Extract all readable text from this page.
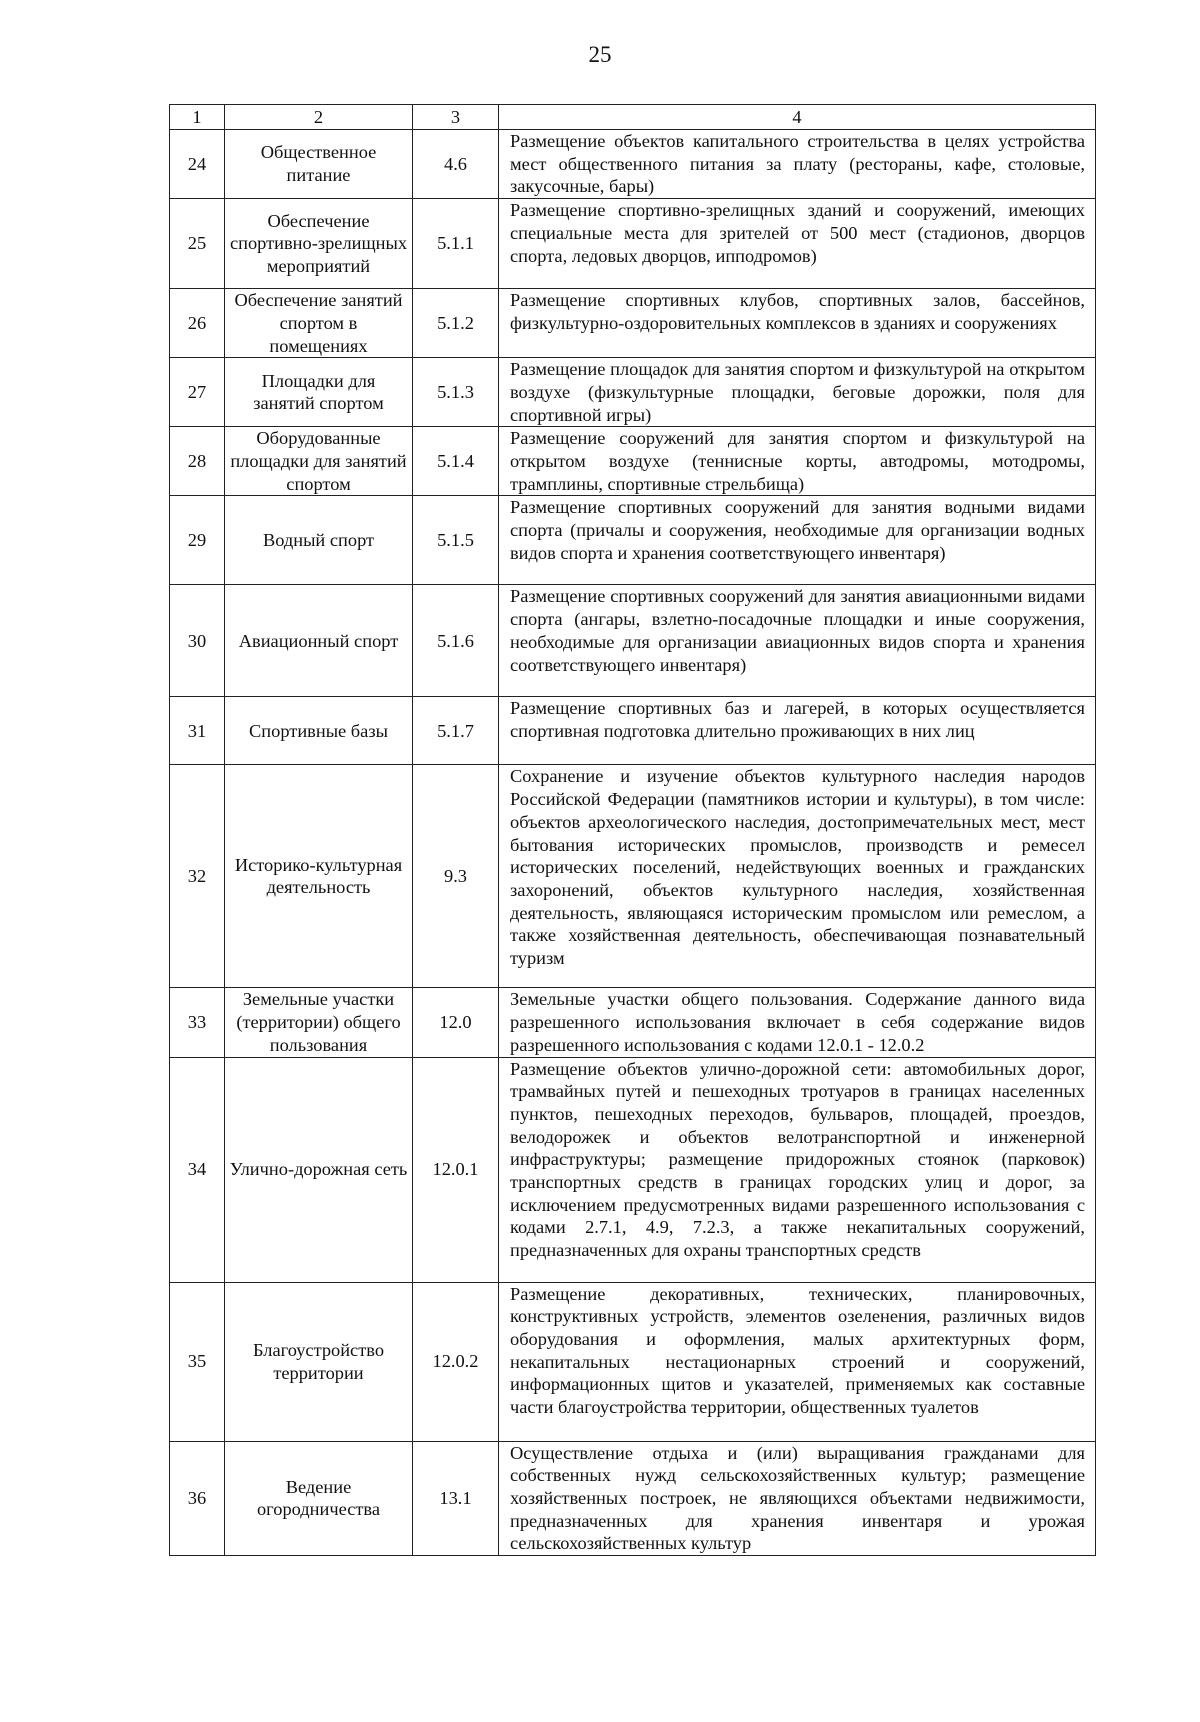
25
1	2	3	4
24	Общественное питание	4.6	Размещение объектов капитального строительства в целях устройства мест общественного питания за плату (рестораны, кафе, столовые, закусочные, бары)
25	Обеспечение спортивно-зрелищных мероприятий	5.1.1	Размещение спортивно-зрелищных зданий и сооружений, имеющих специальные места для зрителей от 500 мест (стадионов, дворцов спорта, ледовых дворцов, ипподромов)
26	Обеспечение занятий спортом в помещениях	5.1.2	Размещение спортивных клубов, спортивных залов, бассейнов, физкультурно-оздоровительных комплексов в зданиях и сооружениях
27	Площадки для занятий спортом	5.1.3	Размещение площадок для занятия спортом и физкультурой на открытом воздухе (физкультурные площадки, беговые дорожки, поля для спортивной игры)
28	Оборудованные площадки для занятий спортом	5.1.4	Размещение сооружений для занятия спортом и физкультурой на открытом воздухе (теннисные корты, автодромы, мотодромы, трамплины, спортивные стрельбища)
29	Водный спорт	5.1.5	Размещение спортивных сооружений для занятия водными видами спорта (причалы и сооружения, необходимые для организации водных видов спорта и хранения соответствующего инвентаря)
30	Авиационный спорт	5.1.6	Размещение спортивных сооружений для занятия авиационными видами спорта (ангары, взлетно-посадочные площадки и иные сооружения, необходимые для организации авиационных видов спорта и хранения соответствующего инвентаря)
31	Спортивные базы	5.1.7	Размещение спортивных баз и лагерей, в которых осуществляется спортивная подготовка длительно проживающих в них лиц
32	Историко-культурная деятельность	9.3	Сохранение и изучение объектов культурного наследия народов Российской Федерации (памятников истории и культуры), в том числе: объектов археологического наследия, достопримечательных мест, мест бытования исторических промыслов, производств и ремесел исторических поселений, недействующих военных и гражданских захоронений, объектов культурного наследия, хозяйственная деятельность, являющаяся историческим промыслом или ремеслом, а также хозяйственная деятельность, обеспечивающая познавательный туризм
33	Земельные участки (территории) общего пользования	12.0	Земельные участки общего пользования. Содержание данного вида разрешенного использования включает в себя содержание видов разрешенного использования с кодами 12.0.1 - 12.0.2
34	Улично-дорожная сеть	12.0.1	Размещение объектов улично-дорожной сети: автомобильных дорог, трамвайных путей и пешеходных тротуаров в границах населенных пунктов, пешеходных переходов, бульваров, площадей, проездов, велодорожек и объектов велотранспортной и инженерной инфраструктуры; размещение придорожных стоянок (парковок) транспортных средств в границах городских улиц и дорог, за исключением предусмотренных видами разрешенного использования с кодами 2.7.1, 4.9, 7.2.3, а также некапитальных сооружений, предназначенных для охраны транспортных средств
35	Благоустройство территории	12.0.2	Размещение декоративных, технических, планировочных, конструктивных устройств, элементов озеленения, различных видов оборудования и оформления, малых архитектурных форм, некапитальных нестационарных строений и сооружений, информационных щитов и указателей, применяемых как составные части благоустройства территории, общественных туалетов
36	Ведение огородничества	13.1	Осуществление отдыха и (или) выращивания гражданами для собственных нужд сельскохозяйственных культур; размещение хозяйственных построек, не являющихся объектами недвижимости, предназначенных для хранения инвентаря и урожая сельскохозяйственных культур
